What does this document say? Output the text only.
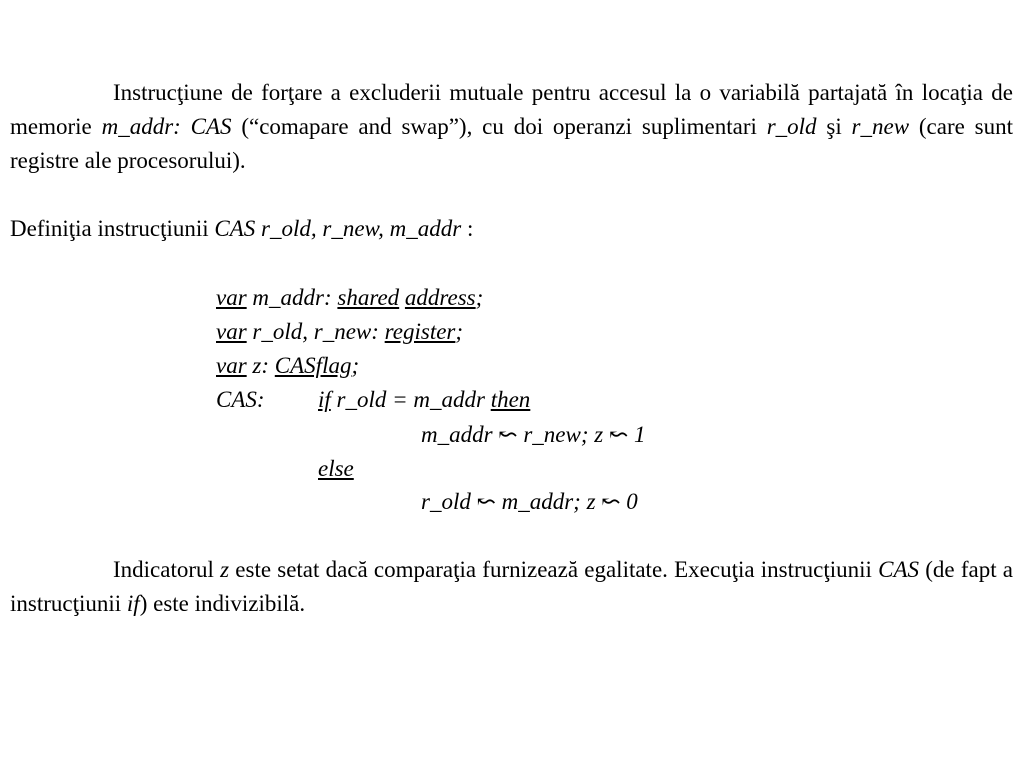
Instrucţiune de forţare a excluderii mutuale pentru accesul la o variabilă partajată în locaţia de memorie m_addr: CAS (“comapare and swap”), cu doi operanzi suplimentari r_old şi r_new (care sunt registre ale procesorului).
Definiţia instrucţiunii CAS r_old, r_new, m_addr :
var m_addr: shared address;
var r_old, r_new: register;
var z: CASflag;
CAS: if r_old = m_addr then
m_addr ↜ r_new; z ↜ 1
else
r_old ↜ m_addr; z ↜ 0
Indicatorul z este setat dacă comparaţia furnizează egalitate. Execuţia instrucţiunii CAS (de fapt a instrucţiunii if) este indivizibilă.
